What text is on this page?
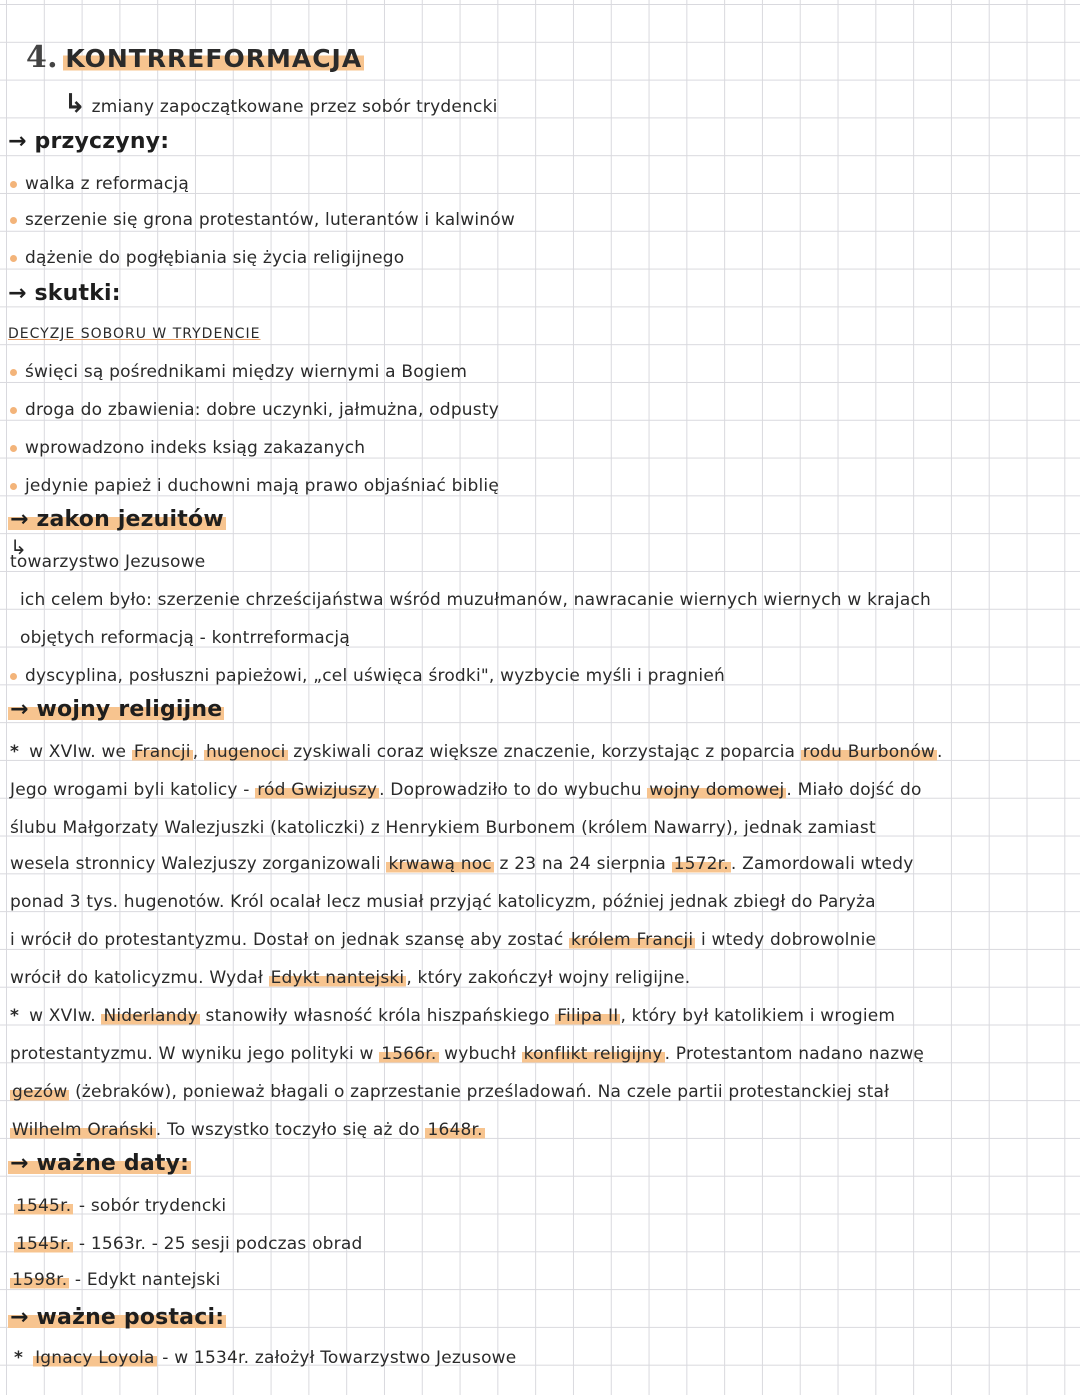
4. KONTRREFORMACJA
↳ zmiany zapoczątkowane przez sobór trydencki
→ przyczyny:
walka z reformacją
szerzenie się grona protestantów, luterantów i kalwinów
dążenie do pogłębiania się życia religijnego
→ skutki:
DECYZJE SOBORU W TRYDENCIE
święci są pośrednikami między wiernymi a Bogiem
droga do zbawienia: dobre uczynki, jałmużna, odpusty
wprowadzono indeks ksiąg zakazanych
jedynie papież i duchowni mają prawo objaśniać biblię
→ zakon jezuitów
↳
towarzystwo Jezusowe
ich celem było: szerzenie chrześcijaństwa wśród muzułmanów, nawracanie wiernych wiernych w krajach
objętych reformacją - kontrreformacją
dyscyplina, posłuszni papieżowi, „cel uświęca środki", wyzbycie myśli i pragnień
→ wojny religijne
* w XVIw. we Francji , hugenoci zyskiwali coraz większe znaczenie, korzystając z poparcia rodu Burbonów .
Jego wrogami byli katolicy - ród Gwizjuszy . Doprowadziło to do wybuchu wojny domowej . Miało dojść do
ślubu Małgorzaty Walezjuszki (katoliczki) z Henrykiem Burbonem (królem Nawarry), jednak zamiast
wesela stronnicy Walezjuszy zorganizowali krwawą noc z 23 na 24 sierpnia 1572r. . Zamordowali wtedy
ponad 3 tys. hugenotów. Król ocalał lecz musiał przyjąć katolicyzm, później jednak zbiegł do Paryża
i wrócił do protestantyzmu. Dostał on jednak szansę aby zostać królem Francji i wtedy dobrowolnie
wrócił do katolicyzmu. Wydał Edykt nantejski , który zakończył wojny religijne.
* w XVIw. Niderlandy stanowiły własność króla hiszpańskiego Filipa II , który był katolikiem i wrogiem
protestantyzmu. W wyniku jego polityki w 1566r. wybuchł konflikt religijny . Protestantom nadano nazwę
gezów (żebraków), ponieważ błagali o zaprzestanie prześladowań. Na czele partii protestanckiej stał
Wilhelm Orański . To wszystko toczyło się aż do 1648r.
→ ważne daty:
1545r. - sobór trydencki
1545r. - 1563r. - 25 sesji podczas obrad
1598r. - Edykt nantejski
→ ważne postaci:
* Ignacy Loyola - w 1534r. założył Towarzystwo Jezusowe
